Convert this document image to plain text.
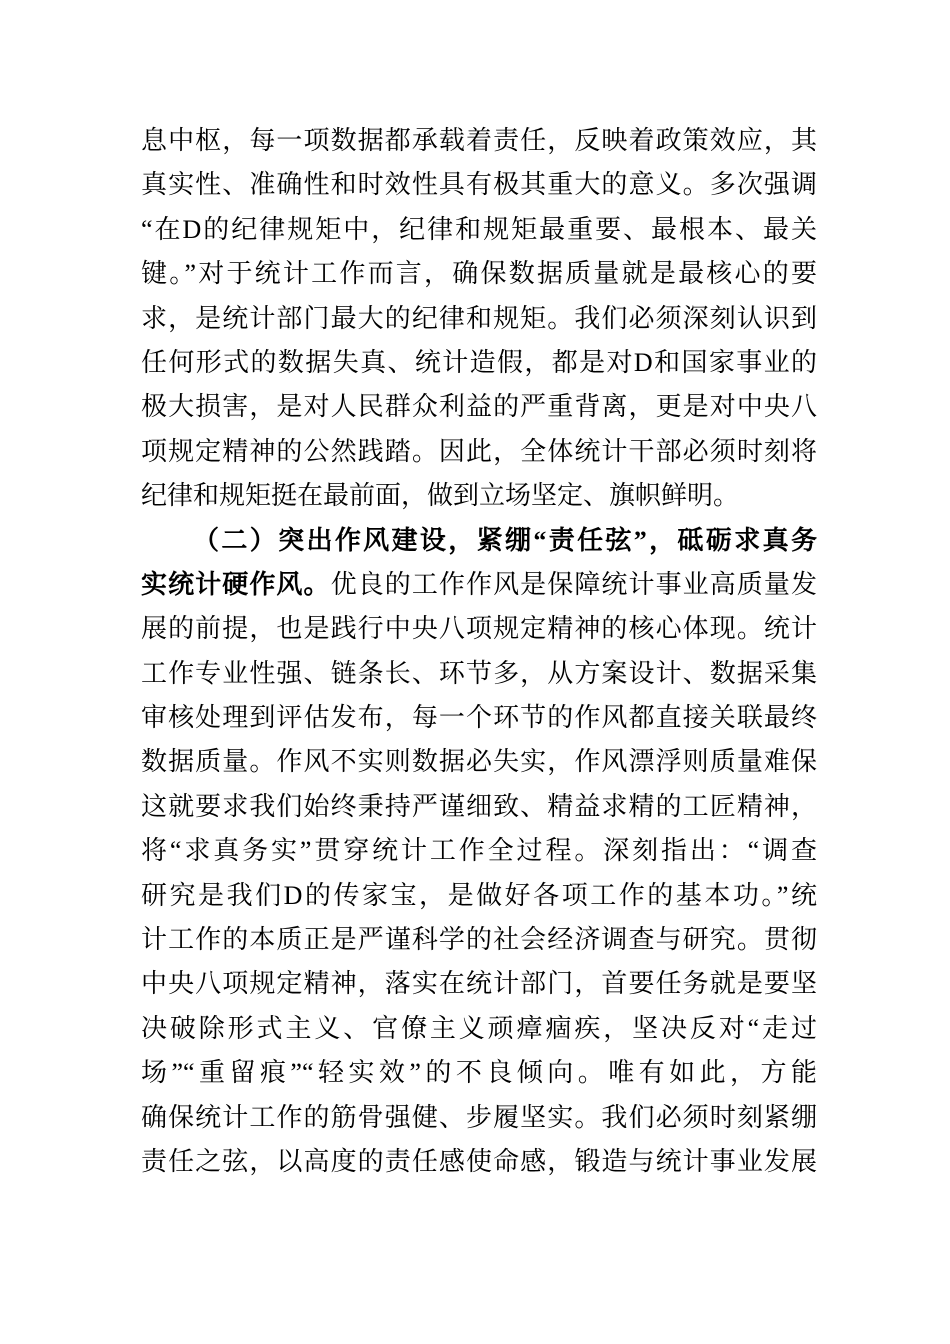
息中枢，每一项数据都承载着责任，反映着政策效应，其
真实性、准确性和时效性具有极其重大的意义。多次强调
“在D的纪律规矩中，纪律和规矩最重要、最根本、最关
键。”对于统计工作而言，确保数据质量就是最核心的要
求，是统计部门最大的纪律和规矩。我们必须深刻认识到
任何形式的数据失真、统计造假，都是对D和国家事业的
极大损害，是对人民群众利益的严重背离，更是对中央八
项规定精神的公然践踏。因此，全体统计干部必须时刻将
纪律和规矩挺在最前面，做到立场坚定、旗帜鲜明。
（二）突出作风建设，紧绷“责任弦”，砥砺求真务
实统计硬作风。优良的工作作风是保障统计事业高质量发
展的前提，也是践行中央八项规定精神的核心体现。统计
工作专业性强、链条长、环节多，从方案设计、数据采集
审核处理到评估发布，每一个环节的作风都直接关联最终
数据质量。作风不实则数据必失实，作风漂浮则质量难保
这就要求我们始终秉持严谨细致、精益求精的工匠精神，
将“求真务实”贯穿统计工作全过程。深刻指出：“调查
研究是我们D的传家宝，是做好各项工作的基本功。”统
计工作的本质正是严谨科学的社会经济调查与研究。贯彻
中央八项规定精神，落实在统计部门，首要任务就是要坚
决破除形式主义、官僚主义顽瘴痼疾，坚决反对“走过
场”“重留痕”“轻实效”的不良倾向。唯有如此，方能
确保统计工作的筋骨强健、步履坚实。我们必须时刻紧绷
责任之弦，以高度的责任感使命感，锻造与统计事业发展
